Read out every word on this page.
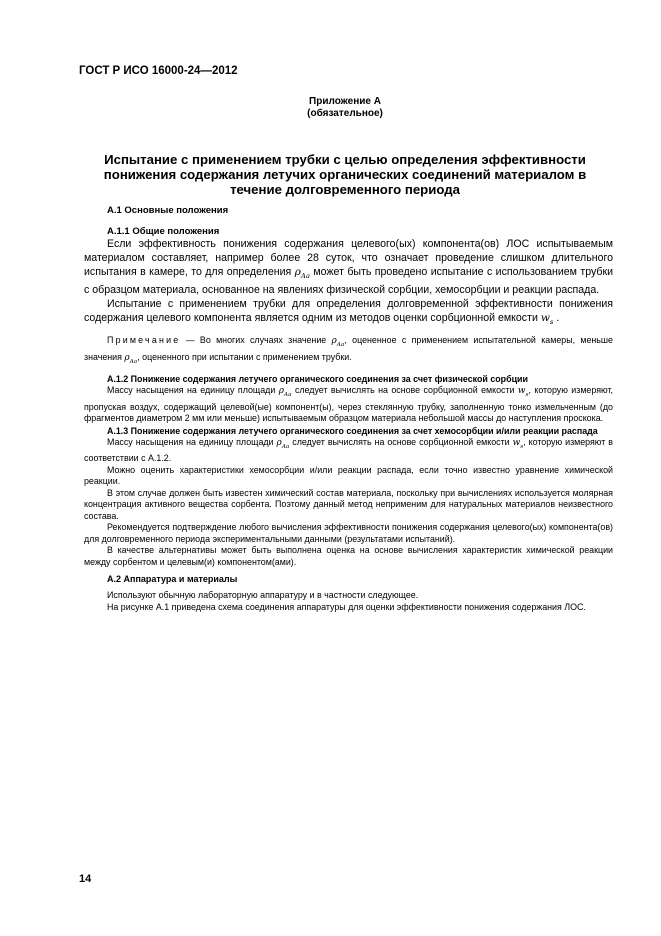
ГОСТ Р ИСО 16000-24—2012
Приложение А
(обязательное)
Испытание с применением трубки с целью определения эффективности понижения содержания летучих органических соединений материалом в течение долговременного периода
А.1 Основные положения
А.1.1 Общие положения

Если эффективность понижения содержания целевого(ых) компонента(ов) ЛОС испытываемым материалом составляет, например более 28 суток, что означает проведение слишком длительного испытания в камере, то для определения $\rho_{Aa}$ может быть проведено испытание с использованием трубки с образцом материала, основанное на явлениях физической сорбции, хемосорбции и реакции распада.

Испытание с применением трубки для определения долговременной эффективности понижения содержания целевого компонента является одним из методов оценки сорбционной емкости $w_s$ .

Примечание — Во многих случаях значение $\rho_{Aa}$, оцененное с применением испытательной камеры, меньше значения $\rho_{Aa}$, оцененного при испытании с применением трубки.

А.1.2 Понижение содержания летучего органического соединения за счет физической сорбции

Массу насыщения на единицу площади $\rho_{Aa}$ следует вычислять на основе сорбционной емкости $w_s$, которую измеряют, пропуская воздух, содержащий целевой(ые) компонент(ы), через стеклянную трубку, заполненную тонко измельченным (до фрагментов диаметром 2 мм или меньше) испытываемым образцом материала небольшой массы до наступления проскока.

А.1.3 Понижение содержания летучего органического соединения за счет хемосорбции и/или реакции распада

Массу насыщения на единицу площади $\rho_{Aa}$ следует вычислять на основе сорбционной емкости $w_s$, которую измеряют в соответствии с А.1.2.

Можно оценить характеристики хемосорбции и/или реакции распада, если точно известно уравнение химической реакции.

В этом случае должен быть известен химический состав материала, поскольку при вычислениях используется молярная концентрация активного вещества сорбента. Поэтому данный метод неприменим для натуральных материалов неизвестного состава.

Рекомендуется подтверждение любого вычисления эффективности понижения содержания целевого(ых) компонента(ов) для долговременного периода экспериментальными данными (результатами испытаний).

В качестве альтернативы может быть выполнена оценка на основе вычисления характеристик химической реакции между сорбентом и целевым(и) компонентом(ами).

А.2 Аппаратура и материалы

Используют обычную лабораторную аппаратуру и в частности следующее.

На рисунке А.1 приведена схема соединения аппаратуры для оценки эффективности понижения содержания ЛОС.

14
